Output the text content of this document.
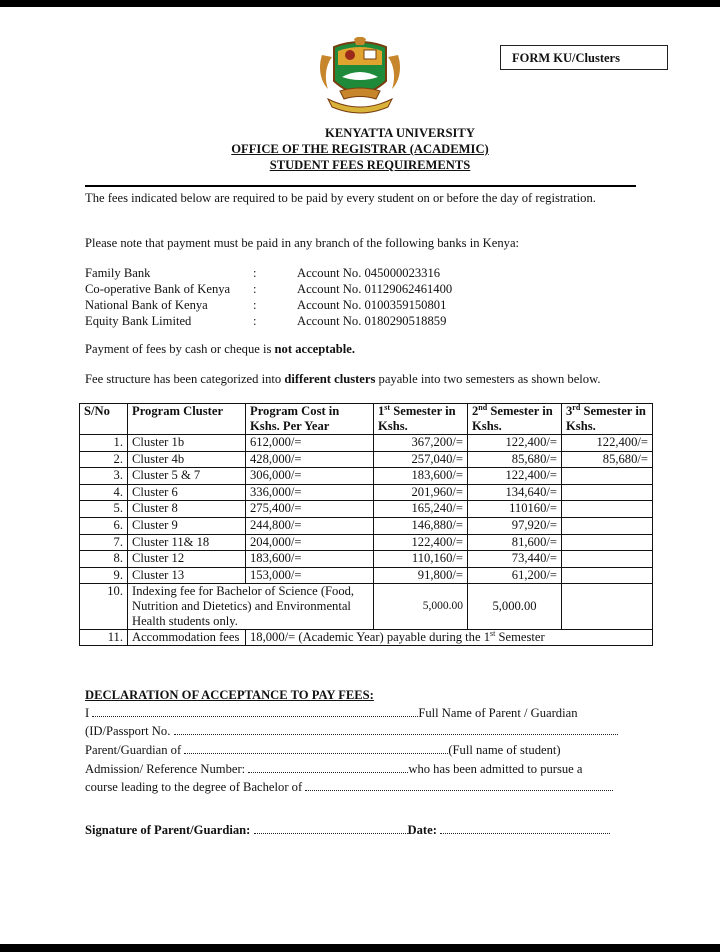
FORM KU/Clusters
KENYATTA UNIVERSITY
OFFICE OF THE REGISTRAR (ACADEMIC)
STUDENT FEES REQUIREMENTS
The fees indicated below are required to be paid by every student on or before the day of registration.
Please note that payment must be paid in any branch of the following banks in Kenya:
Family Bank	:	Account No. 045000023316
Co-operative Bank of Kenya :	Account No. 01129062461400
National Bank of Kenya	:	Account No. 0100359150801
Equity Bank Limited	:	Account No. 0180290518859
Payment of fees by cash or cheque is not acceptable.
Fee structure has been categorized into different clusters payable into two semesters as shown below.
S/No	Program Cluster	Program Cost in Kshs. Per Year	1st Semester in Kshs.	2nd Semester in Kshs.	3rd Semester in Kshs.
1.	Cluster 1b	612,000/=	367,200/=	122,400/=	122,400/=
2.	Cluster 4b	428,000/=	257,040/=	85,680/=	85,680/=
3.	Cluster 5 & 7	306,000/=	183,600/=	122,400/=	
4.	Cluster 6	336,000/=	201,960/=	134,640/=	
5.	Cluster 8	275,400/=	165,240/=	110160/=	
6.	Cluster 9	244,800/=	146,880/=	97,920/=	
7.	Cluster 11& 18	204,000/=	122,400/=	81,600/=	
8.	Cluster 12	183,600/=	110,160/=	73,440/=	
9.	Cluster 13	153,000/=	91,800/=	61,200/=	
10.	Indexing fee for Bachelor of Science (Food, Nutrition and Dietetics) and Environmental Health students only.		5,000.00	5,000.00	
11.	Accommodation fees	18,000/= (Academic Year) payable during the 1st Semester			
DECLARATION OF ACCEPTANCE TO PAY FEES:
I	Full Name of Parent / Guardian
(ID/Passport No.
Parent/Guardian of	(Full name of student)
Admission/ Reference Number:	who has been admitted to pursue a
course leading to the degree of Bachelor of
Signature of Parent/Guardian:	Date:
